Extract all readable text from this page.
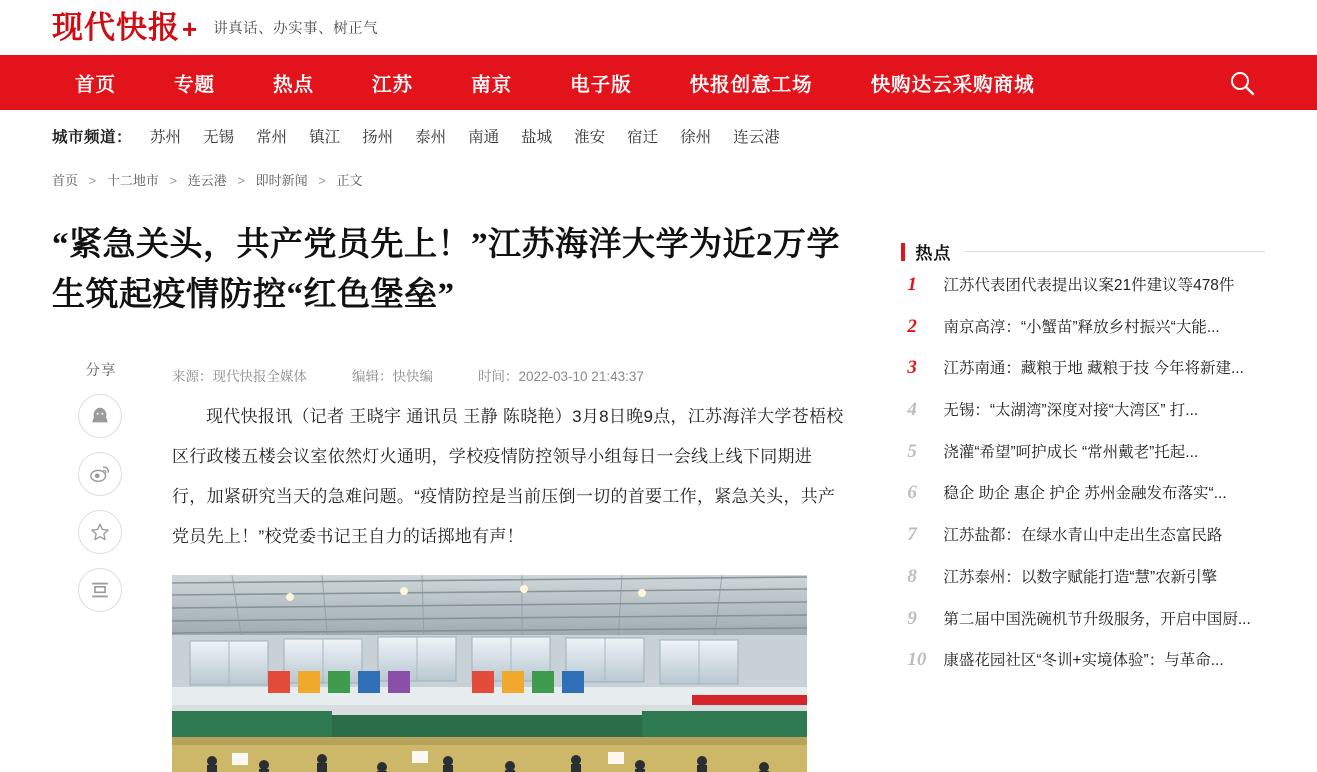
现代快报 + 讲真话、办实事、树正气
首页	专题	热点	江苏	南京	电子版	快报创意工场	快购达云采购商城
城市频道： 苏州 无锡 常州 镇江 扬州 泰州 南通 盐城 淮安 宿迁 徐州 连云港
首页 > 十二地市 > 连云港 > 即时新闻 > 正文
“紧急关头，共产党员先上！”江苏海洋大学为近2万学生筑起疫情防控“红色堡垒”
来源：现代快报全媒体	编辑：快快编	时间：2022-03-10 21:43:37
分享

现代快报讯（记者 王晓宇 通讯员 王静 陈晓艳）3月8日晚9点，江苏海洋大学苍梧校区行政楼五楼会议室依然灯火通明，学校疫情防控领导小组每日一会线上线下同期进行，加紧研究当天的急难问题。“疫情防控是当前压倒一切的首要工作，紧急关头，共产党员先上！”校党委书记王自力的话掷地有声！

热点
1	江苏代表团代表提出议案21件建议等478件
2	南京高淳：“小蟹苗”释放乡村振兴“大能...
3	江苏南通：藏粮于地 藏粮于技 今年将新建...
4	无锡：“太湖湾”深度对接“大湾区” 打...
5	浇灌“希望”呵护成长 “常州戴老”托起...
6	稳企 助企 惠企 护企 苏州金融发布落实“...
7	江苏盐都：在绿水青山中走出生态富民路
8	江苏泰州：以数字赋能打造“慧”农新引擎
9	第二届中国洗碗机节升级服务，开启中国厨...
10	康盛花园社区“冬训+实境体验”：与革命...
